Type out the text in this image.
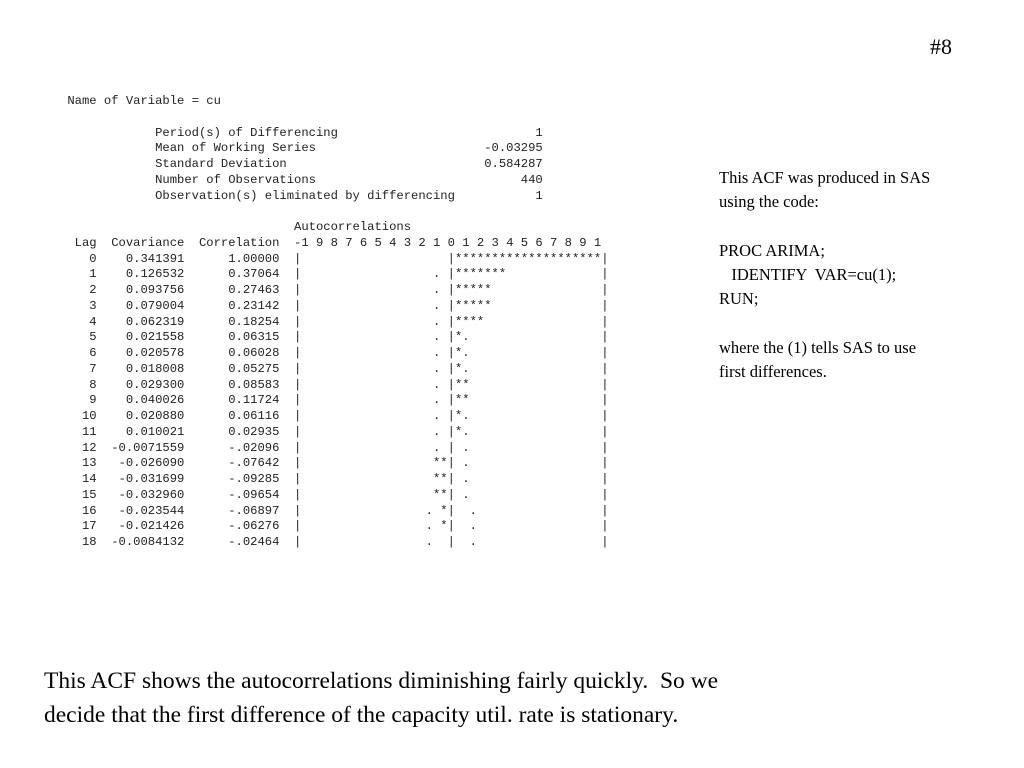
#8
Name of Variable = cu
Period(s) of Differencing                           1
Mean of Working Series                       -0.03295
Standard Deviation                           0.584287
Number of Observations                            440
Observation(s) eliminated by differencing           1
Autocorrelations
Lag  Covariance  Correlation  -1 9 8 7 6 5 4 3 2 1 0 1 2 3 4 5 6 7 8 9 1
0    0.341391      1.00000  |                    |********************|
1    0.126532      0.37064  |                  . |*******             |
2    0.093756      0.27463  |                  . |*****               |
3    0.079004      0.23142  |                  . |*****               |
4    0.062319      0.18254  |                  . |****                |
5    0.021558      0.06315  |                  . |*.                  |
6    0.020578      0.06028  |                  . |*.                  |
7    0.018008      0.05275  |                  . |*.                  |
8    0.029300      0.08583  |                  . |**                  |
9    0.040026      0.11724  |                  . |**                  |
10    0.020880      0.06116  |                  . |*.                  |
11    0.010021      0.02935  |                  . |*.                  |
12  -0.0071559      -.02096  |                  . | .                  |
13   -0.026090      -.07642  |                  **| .                  |
14   -0.031699      -.09285  |                  **| .                  |
15   -0.032960      -.09654  |                  **| .                  |
16   -0.023544      -.06897  |                 . *|  .                 |
17   -0.021426      -.06276  |                 . *|  .                 |
18  -0.0084132      -.02464  |                 .  |  .                 |
This ACF was produced in SAS
using the code:
PROC ARIMA;
IDENTIFY  VAR=cu(1);
RUN;
where the (1) tells SAS to use
first differences.
This ACF shows the autocorrelations diminishing fairly quickly.  So we
decide that the first difference of the capacity util. rate is stationary.
